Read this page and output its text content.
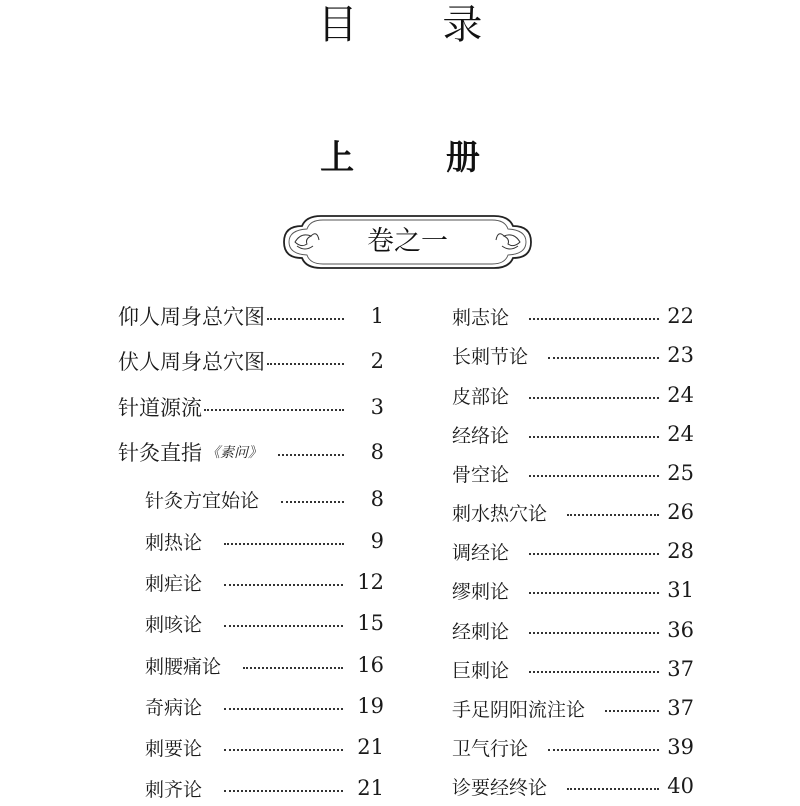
目 录
上 册
卷之一
仰人周身总穴图	1
伏人周身总穴图	2
针道源流	3
针灸直指 《素问》	8
针灸方宜始论	8
刺热论	9
刺疟论	12
刺咳论	15
刺腰痛论	16
奇病论	19
刺要论	21
刺齐论	21
刺志论	22
长刺节论	23
皮部论	24
经络论	24
骨空论	25
刺水热穴论	26
调经论	28
缪刺论	31
经刺论	36
巨刺论	37
手足阴阳流注论	37
卫气行论	39
诊要经终论	40
